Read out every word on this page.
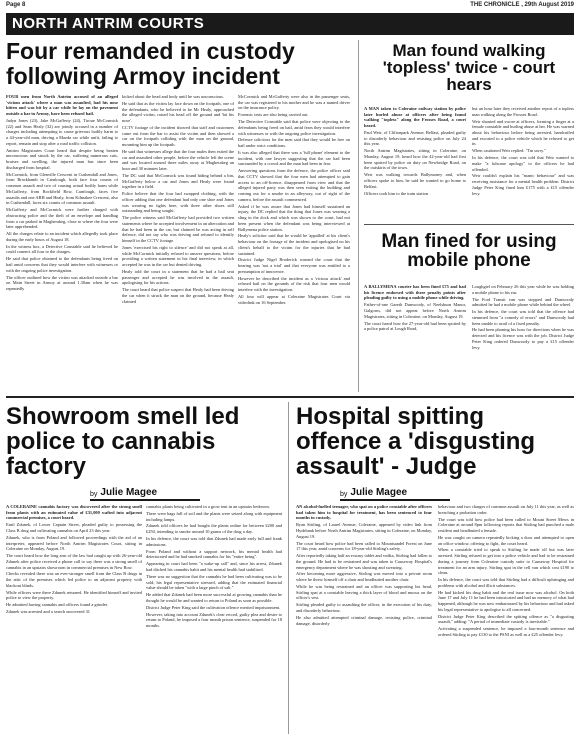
Page 8	THE CHRONICLE , 29th August 2019
NORTH ANTRIM COURTS
Four remanded in custody
following Armoy incident

FOUR men from North Antrim accused of an alleged 'vicious attack' where a man was assaulted, had his nose bitten and was hit by a car while he lay on the pavement outside a bar in Armoy, have been refused bail.

Jadyn Jones (23), Jake McGafferty (24), Tiroue McCormick (22) and Sean Healy (32) are jointly accused in a number of charges including attempting to cause grievous bodily harm to a 44-year-old man, driving a Mazda car while unfit, failing to report, remain and stop after a road traffic collision.

Antrim Magistrates Court heard that despite being beaten unconscious and struck by the car, suffering numerous cuts, bruises and swelling, the injured man has since been discharged from hospital.

McCormick, from Glenville Crescent in Cushendall and Jones, from Brackhamb in Carnlough, both face four counts of common assault and two of causing actual bodily harm while McGafferty, from Rockfield Row, Carnlough, faces five assaults and one ABH and Healy, from Kilmakee Crescent, also in Cushendall, faces six counts of common assault.

McGafferty and McCormick were further charged with obstructing police and the theft of an envelope and handbag from a car parked in Magherabeg, close to where the four were later apprehended.

All the charges relate to an incident which allegedly took place during the early hours of August 18.

In the witness box, a Detective Constable said he believed he could connect all four to the charges.

He said that police obtained to the defendants being freed on bail amid concerns that they would interfere with witnesses or with the ongoing police investigation.

The officer outlined how the victim was attacked outside a bar on Main Street in Armoy at around 1.30am when he was repeatedly

kicked about the head and body until he was unconscious.

He said that as the victim lay face down on the footpath, one of the defendants, who he believed to be Mr Healy, approached the alleged victim, raised his head off the ground and 'bit his nose'.

CCTV footage of the incident showed that staff and customers came out from the bar to assist the victim and then showed a car on the footpath colliding with the man on the ground, mounting him up the footpath.

He said that witnesses allege that the four males then exited the car and assaulted other people, before the vehicle left the scene and was located around three miles away at Magherabeg an hour and 30 minutes later.

The DC said that McCormick was found hiding behind a bin, McGafferty below a car and Jones and Healy were found together in a field.

Police believe that the four had swapped clothing, with the officer adding that one defendant had only one shoe and Jones was wearing no tights here, with three other shoes still outstanding and being sought.

The police witness said McGafferty had provided two written statements where he accepted involvement in an altercation and that he had been in the car, but claimed he was acting in self defence, did not say who was driving and refused to identify himself in the CCTV footage.

Jones 'exercised his right to silence' and did not speak at all, while McCormick initially refused to answer questions, before providing a written statement in his final interview, in which accepted he was in the car but denied driving.

Healy told the court in a statement that he had a bail seat passenger and accepted he was involved in the assault, apologising for his actions.

The court heard that police suspect that Healy had been driving the car when it struck the man on the ground, because Healy claimed

McCormick and McGafferty were also in the passenger seats, the car was registered to his mother and he was a named driver on the insurance policy.

Forensic tests are also being carried out.

The Detective Constable said that police were objecting to the defendants being freed on bail, amid fears they would interfere with witnesses or with the ongoing police investigation.

Defence solicitors for the men said that they would be free on bail under strict conditions.

It was also alleged that there was a 'full phone' element to the incident, with one lawyer suggesting that the car had been surrounded by a crowd and the man had been in fear.

Answering questions from the defence, the police officer said that CCTV showed that the four men had attempted to gain access to an off-licence, disappeared from view and that the alleged injured party was then seen exiting the building and coming out for a smoke in an alleyway, out of sight of the camera, before the assault commenced.

Asked if he was aware that Jones had himself sustained an injury, the DC replied that the thing that Jones was wearing a sling in the dock and which was shown to the court, had not been present when the defendant was being interviewed at Ballymena police station.

Healy's solicitor said that he would be 'appalled' at his client's behaviour on the footage of the incident and apologised on his client's behalf to the victim for the injuries that he had sustained.

District Judge Nigel Broderick warned the court that the hearing was 'not a trial' and that everyone was entitled to a presumption of innocence.

However he described the incident as a 'vicious attack' and refused bail on the grounds of the risk that four men would interfere with the investigation.

All four will appear at Coleraine Magistrates Court via videolink on 16 September.

Man found walking 'topless' twice - court hears

A MAN taken to Coleraine railway station by police later hurled abuse at officers after being found walking "topless" along the Frosses Road, a court heard.

Paul Weir, of Cliftonpark Avenue, Belfast, pleaded guilty to disorderly behaviour and resisting police on July 24 this year.

North Antrim Magistrates, sitting in Coleraine, on Monday, August 19, heard how the 42-year-old had first been spotted by police on duty on Newbridge Road, on the outskirts of the town.

Weir was walking towards Ballymoney and, when officers spoke to him, he said he wanted to go home to Belfast.

Officers took him to the train station

but an hour later they received another report of a topless man walking along the Frosses Road.

Weir shouted and swore at officers, forming a finger at a female constable and hurling abuse at her. He was warned about his behaviour before being arrested, handcuffed and escorted to a police vehicle which he refused to get in.

When cautioned Weir replied: "I'm sorry."

In his defence, the court was told that Weir wanted to make "a fulsome apology" to the officers he had offended.

Weir couldn't explain his "manic behaviour" and was receiving assistance for a mental health problem. District Judge Peter King fined him £175 with a £15 offender levy.

Man fined for using mobile phone

A BALLYMENA courier has been fined £75 and had his licence endorsed with three penalty points after pleading guilty to using a mobile phone while driving.

Father-of-one Gareth Dunwoody, of Neelsburn Manor, Galgorm, did not appear before North Antrim Magistrates, sitting in Coleraine, on Monday, August 19.

The court heard how the 27-year-old had been spotted by a police patrol at Lough Road,

Loughgiel on February 26 this year while he was holding a mobile phone to his ear.

The Ford Transit van was stopped and Dunwoody admitted he had a mobile phone while behind the wheel.

In his defence, the court was told that the offence had stemmed from "a comedy of errors" and Dunwoody had been unable to avail of a fixed penalty.

He had been phoning his boss for directions when he was detected and his licence was with the job. District Judge Peter King ordered Dunwoody to pay a £15 offender levy.

Showroom smell led police to cannabis factory
by Julie Magee

A COLERAINE cannabis factory was discovered after the strong smell from plants with an estimated value of £31,000 wafted into adjacent commercial premises, a court heard.

Emil Zdunek, of Lower Captain Street, pleaded guilty to possessing the Class B drug and cultivating cannabis on April 23 this year.

Zdunek, who is from Poland and followed proceedings with the aid of an interpreter, appeared before North Antrim Magistrates Court, sitting in Coleraine on Monday, August 19.

The court heard how the long arm of the law had caught up with 26-year-old Zdunek after police received a phone call to say there was a strong smell of cannabis in an upstairs showroom in commercial premises in New Row.

Checks revealed there was an ever-stronger smell from the Class B drugs in the attic of the premises which led police to an adjacent property with blackout blinds.

While officers were there Zdunek returned. He identified himself and invited police to view the property.

He admitted having cannabis and officers found a grinder.

Zdunek was arrested and a search uncovered 31

cannabis plants being cultivated in a grow tent in an upstairs bedroom.

There were bags full of soil and the plants were seized along with equipment including lamps.

Zdunek told officers he had bought the plants online for between £200 and £250, intending to smoke around 10 grams of the drug a day.

In his defence, the court was told that Zdunek had made early full and frank admissions.

From Poland and without a support network, his mental health had deteriorated and he had smoked cannabis for his "entire being".

Appearing in court had been "a wake-up call" and, since his arrest, Zdunek had ditched his cannabis habit and his mental health had stabilised.

There was no suggestion that the cannabis he had been cultivating was to be sold, his legal representative stressed, adding that the estimated financial value should be taken "with a large pinch of salt."

He added that Zdunek had been more successful at growing cannabis than he thought he would be and wanted to return to Poland as soon as possible.

District Judge Peter King said the cultivation offence merited imprisonment.

However, taking into account Zdunek's clear record, guilty plea and desire to return to Poland, he imposed a four month prison sentence, suspended for 18 months.

Hospital spitting
offence a 'disgusting
assault' - Judge
by Julie Magee

AN alcohol-fuelled teenager, who spat on a police constable after officers had taken him to hospital for treatment, has been sentenced to four months in custody.

Ryan Stirling, of Laurel Avenue, Coleraine, appeared by video link from Hydebank before North Antrim Magistrates, sitting in Coleraine, on Monday, August 19.

The court heard how police had been called to Mountsandel Forest on June 17 this year, amid concerns for 18-year-old Stirling's safety.

After reportedly taking half an ecstasy tablet and vodka, Stirling had fallen to the ground. He had to be restrained and was taken to Causeway Hospital's emergency department where he was shouting and swearing.

After becoming more aggressive, Stirling was moved into a private room where he threw himself off a chair and headbutted another chair.

While he was being restrained and an officer was supporting his head, Stirling spat at a constable leaving a thick layer of blood and mucus on the officer's vest.

Stirling pleaded guilty to assaulting the officer, in the execution of his duty, and disorderly behaviour.

He also admitted attempted criminal damage, resisting police, criminal damage, disorderly

behaviour and two charges of common assault on July 11 this year, as well as breaching a probation order.

The court was told how police had been called to Mount Street Mews in Coleraine at around 8pm following reports that Stirling had punched a male resident and headbutted a female.

He was caught on camera repeatedly kicking a door and attempted to open an office window, offering to fight, the court heard.

When a constable tried to speak to Stirling he made off but was later arrested. Stirling refused to get into a police vehicle and had to be restrained during a journey from Coleraine custody suite to Causeway Hospital for treatment for an arm injury. Stirling spat in the cell van which cost £190 to clean.

In his defence, the court was told that Stirling had a difficult upbringing and problems with alcohol and illicit substances.

He had kicked his drug habit and the real issue now was alcohol. On both June 17 and July 11 he had been intoxicated and had no memory of what had happened, although he was now embarrassed by his behaviour and had asked his legal representative to apologise to all concerned.

District Judge Peter King described the spitting offence as "a disgusting assault," adding: "A period of immediate custody is inevitable."

Activating a suspended sentence, he imposed a four-month sentence and ordered Stirling to pay £130 to the PSNI as well as a £25 offender levy.
